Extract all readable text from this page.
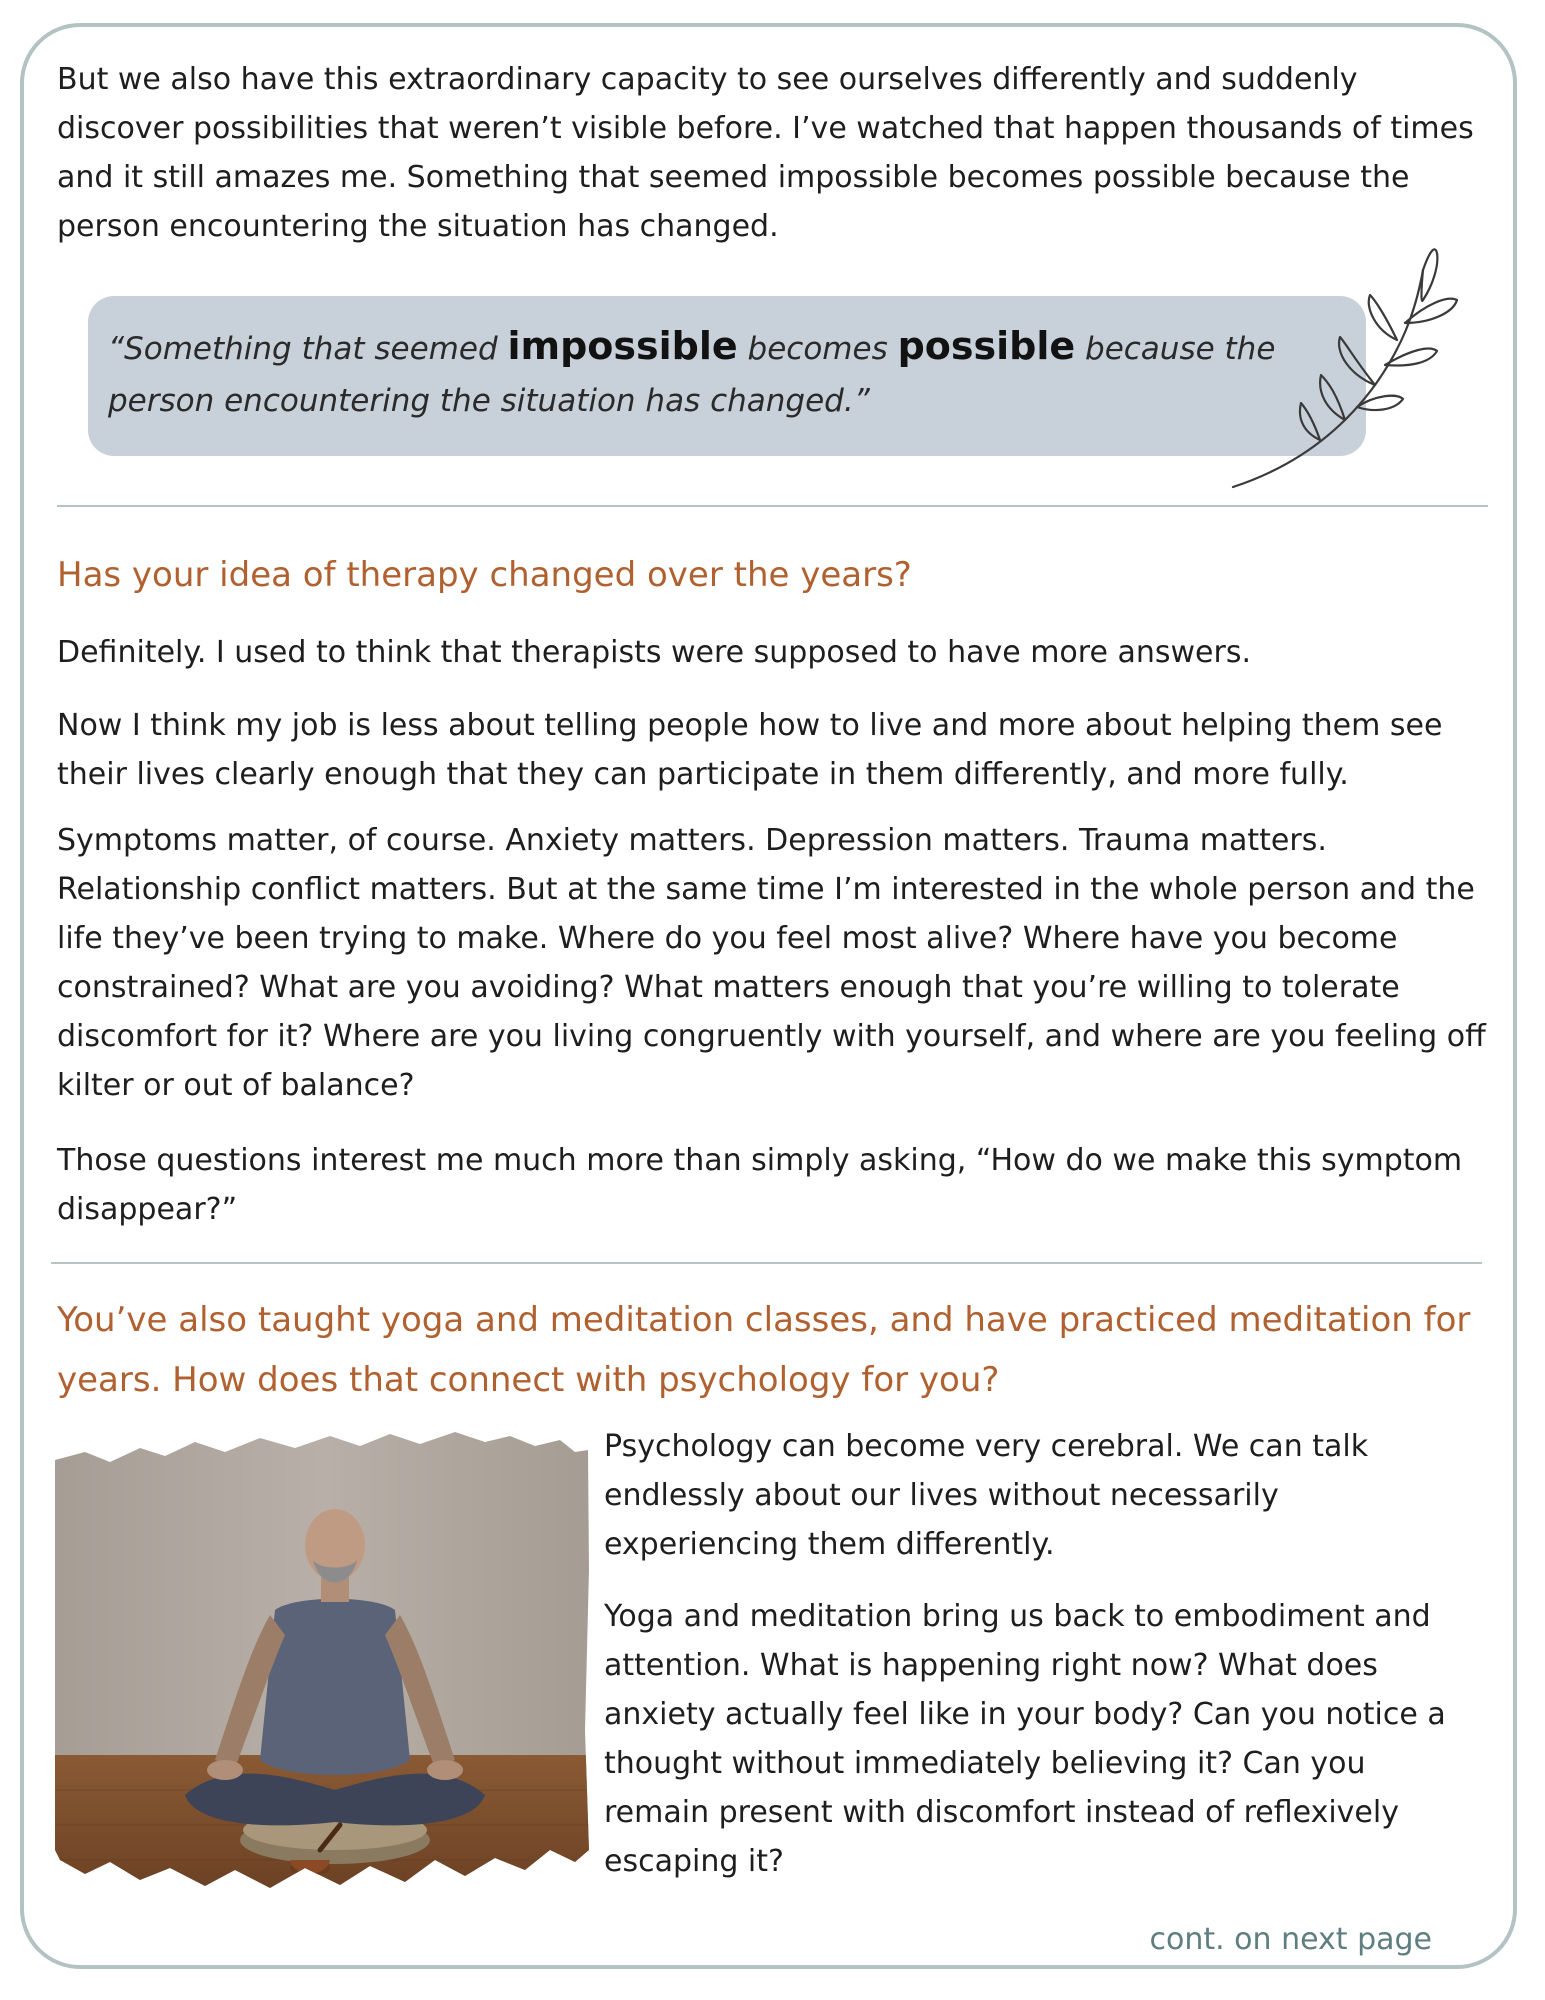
But we also have this extraordinary capacity to see ourselves differently and suddenly discover possibilities that weren’t visible before. I’ve watched that happen thousands of times and it still amazes me. Something that seemed impossible becomes possible because the person encountering the situation has changed.

“Something that seemed impossible becomes possible because the person encountering the situation has changed.”

Has your idea of therapy changed over the years?

Definitely. I used to think that therapists were supposed to have more answers.

Now I think my job is less about telling people how to live and more about helping them see their lives clearly enough that they can participate in them differently, and more fully.

Symptoms matter, of course. Anxiety matters. Depression matters. Trauma matters. Relationship conflict matters. But at the same time I’m interested in the whole person and the life they’ve been trying to make. Where do you feel most alive? Where have you become constrained? What are you avoiding? What matters enough that you’re willing to tolerate discomfort for it? Where are you living congruently with yourself, and where are you feeling off kilter or out of balance?

Those questions interest me much more than simply asking, “How do we make this symptom disappear?”

You’ve also taught yoga and meditation classes, and have practiced meditation for years. How does that connect with psychology for you?

Psychology can become very cerebral. We can talk endlessly about our lives without necessarily experiencing them differently.

Yoga and meditation bring us back to embodiment and attention. What is happening right now? What does anxiety actually feel like in your body? Can you notice a thought without immediately believing it? Can you remain present with discomfort instead of reflexively escaping it?

cont. on next page
